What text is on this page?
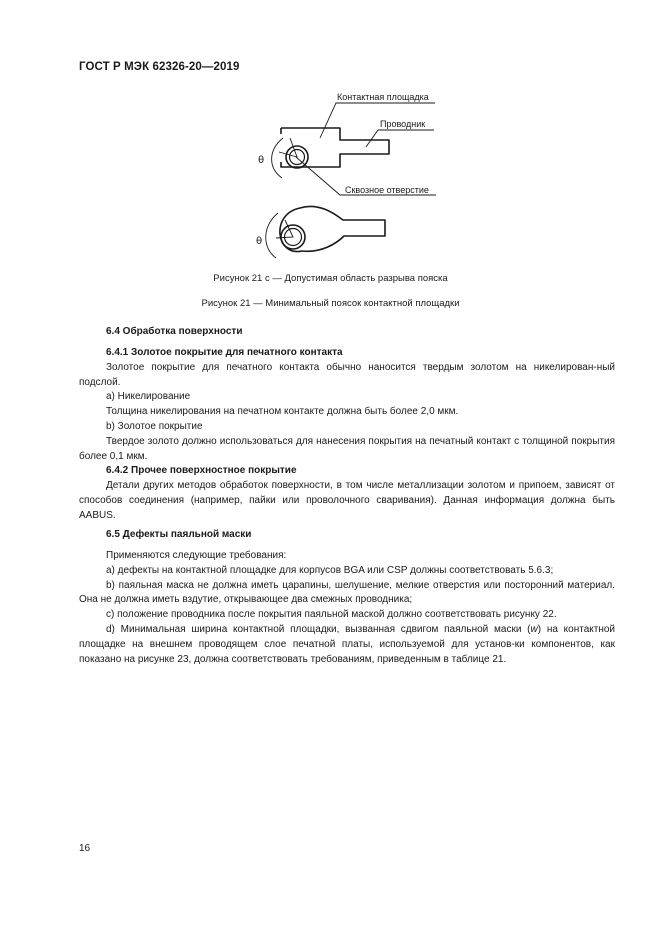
ГОСТ Р МЭК 62326-20—2019
Контактная площадка
Проводник
Сквозное отверстие
θ
θ
Рисунок 21 с — Допустимая область разрыва пояска
Рисунок 21 — Минимальный поясок контактной площадки

6.4 Обработка поверхности

6.4.1 Золотое покрытие для печатного контакта

Золотое покрытие для печатного контакта обычно наносится твердым золотом на никелирован-ный подслой.

а) Никелирование

Толщина никелирования на печатном контакте должна быть более 2,0 мкм.

b) Золотое покрытие

Твердое золото должно использоваться для нанесения покрытия на печатный контакт с толщиной покрытия более 0,1 мкм.

6.4.2 Прочее поверхностное покрытие

Детали других методов обработок поверхности, в том числе металлизации золотом и припоем, зависят от способов соединения (например, пайки или проволочного сваривания). Данная информация должна быть AABUS.

6.5 Дефекты паяльной маски

Применяются следующие требования:

а) дефекты на контактной площадке для корпусов BGA или CSP должны соответствовать 5.6.3;

b) паяльная маска не должна иметь царапины, шелушение, мелкие отверстия или посторонний материал. Она не должна иметь вздутие, открывающее два смежных проводника;

с) положение проводника после покрытия паяльной маской должно соответствовать рисунку 22.

d) Минимальная ширина контактной площадки, вызванная сдвигом паяльной маски (w) на контактной площадке на внешнем проводящем слое печатной платы, используемой для установ-ки компонентов, как показано на рисунке 23, должна соответствовать требованиям, приведенным в таблице 21.

16
